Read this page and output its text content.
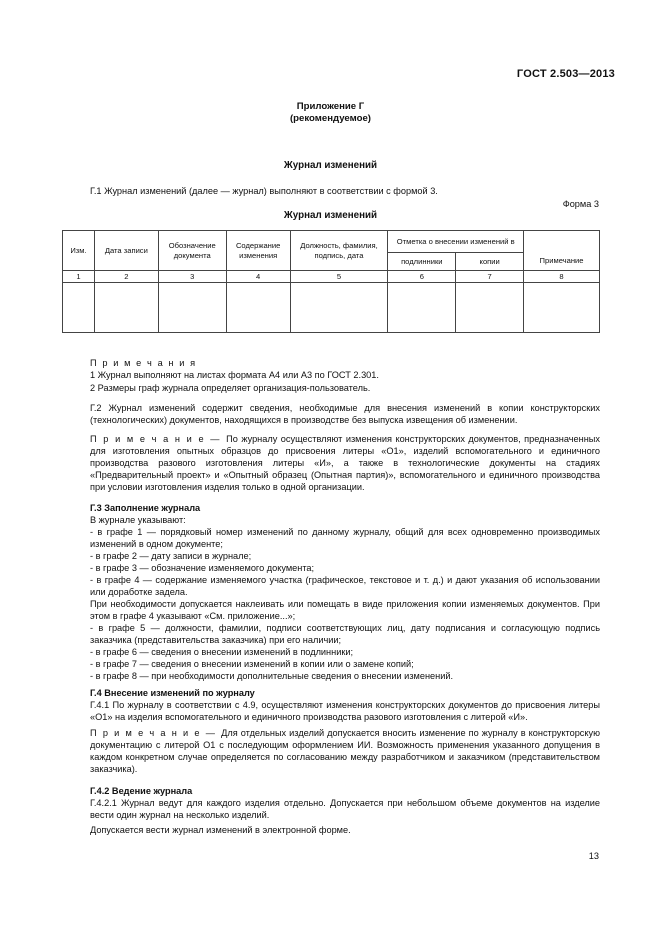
ГОСТ 2.503—2013
Приложение Г
(рекомендуемое)
Журнал изменений
Г.1 Журнал изменений (далее — журнал) выполняют в соответствии с формой 3.
Форма 3
Журнал изменений
Изм.	Дата записи	Обозначение документа	Содержание изменения	Должность, фамилия, подпись, дата	Отметка о внесении изменений в		Примечание
					подлинники	копии	
1	2	3	4	5	6	7	8

П р и м е ч а н и я
1 Журнал выполняют на листах формата А4 или А3 по ГОСТ 2.301.
2 Размеры граф журнала определяет организация-пользователь.
Г.2 Журнал изменений содержит сведения, необходимые для внесения изменений в копии конструкторских (технологических) документов, находящихся в производстве без выпуска извещения об изменении.
П р и м е ч а н и е — По журналу осуществляют изменения конструкторских документов, предназначенных для изготовления опытных образцов до присвоения литеры «О1», изделий вспомогательного и единичного производства разового изготовления литеры «И», а также в технологические документы на стадиях «Предварительный проект» и «Опытный образец (Опытная партия)», вспомогательного и единичного производства при условии изготовления изделия только в одной организации.
Г.3 Заполнение журнала
В журнале указывают:
- в графе 1 — порядковый номер изменений по данному журналу, общий для всех одновременно производимых изменений в одном документе;
- в графе 2 — дату записи в журнале;
- в графе 3 — обозначение изменяемого документа;
- в графе 4 — содержание изменяемого участка (графическое, текстовое и т. д.) и дают указания об использовании или доработке задела.
При необходимости допускается наклеивать или помещать в виде приложения копии изменяемых документов. При этом в графе 4 указывают «См. приложение...»;
- в графе 5 — должности, фамилии, подписи соответствующих лиц, дату подписания и согласующую подпись заказчика (представительства заказчика) при его наличии;
- в графе 6 — сведения о внесении изменений в подлинники;
- в графе 7 — сведения о внесении изменений в копии или о замене копий;
- в графе 8 — при необходимости дополнительные сведения о внесении изменений.
Г.4 Внесение изменений по журналу
Г.4.1 По журналу в соответствии с 4.9, осуществляют изменения конструкторских документов до присвоения литеры «О1» на изделия вспомогательного и единичного производства разового изготовления с литерой «И».
П р и м е ч а н и е — Для отдельных изделий допускается вносить изменение по журналу в конструкторскую документацию с литерой О1 с последующим оформлением ИИ. Возможность применения указанного допущения в каждом конкретном случае определяется по согласованию между разработчиком и заказчиком (представительством заказчика).
Г.4.2 Ведение журнала
Г.4.2.1 Журнал ведут для каждого изделия отдельно. Допускается при небольшом объеме документов на изделие вести один журнал на несколько изделий.
Допускается вести журнал изменений в электронной форме.
13
